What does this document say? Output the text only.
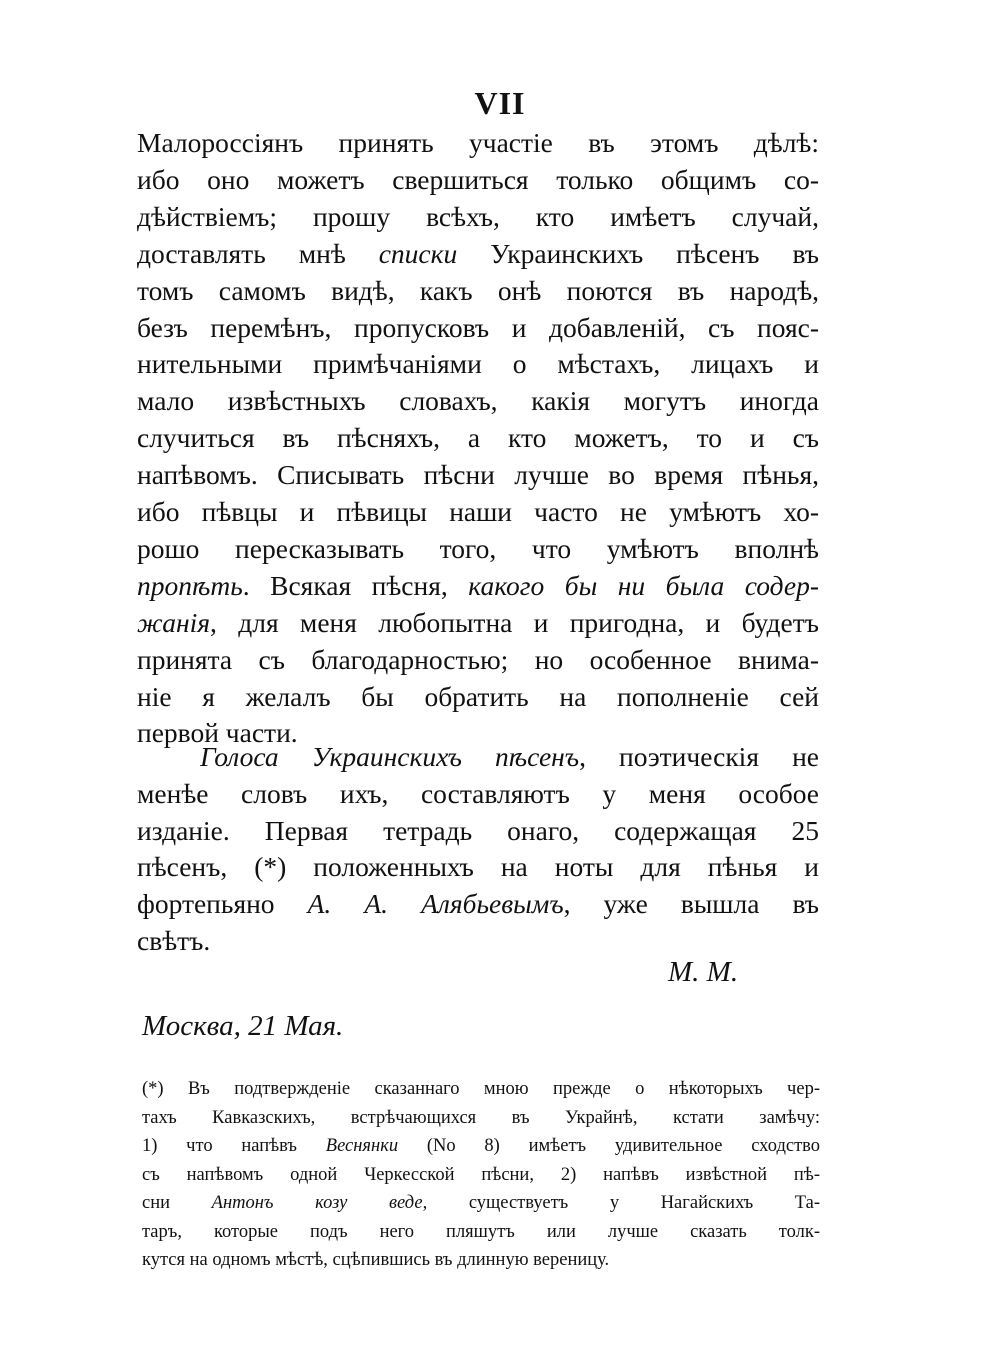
VII
Малороссіянъ принять участіе въ этомъ дѣлѣ:
ибо оно можетъ свершиться только общимъ со-
дѣйствіемъ; прошу всѣхъ, кто имѣетъ случай,
доставлять мнѣ списки Украинскихъ пѣсенъ въ
томъ самомъ видѣ, какъ онѣ поются въ народѣ,
безъ перемѣнъ, пропусковъ и добавленій, съ пояс-
нительными примѣчаніями о мѣстахъ, лицахъ и
мало извѣстныхъ словахъ, какія могутъ иногда
случиться въ пѣсняхъ, а кто можетъ, то и съ
напѣвомъ. Списывать пѣсни лучше во время пѣнья,
ибо пѣвцы и пѣвицы наши часто не умѣютъ хо-
рошо пересказывать того, что умѣютъ вполнѣ
пропѣть. Всякая пѣсня, какого бы ни была содер-
жанія, для меня любопытна и пригодна, и будетъ
принята съ благодарностью; но особенное внима-
ніе я желалъ бы обратить на пополненіе сей
первой части.
Голоса Украинскихъ пѣсенъ, поэтическія не
менѣе словъ ихъ, составляютъ у меня особое
изданіе. Первая тетрадь онаго, содержащая 25
пѣсенъ, (*) положенныхъ на ноты для пѣнья и
фортепьяно А. А. Алябьевымъ, уже вышла въ
свѣтъ.
М. М.
Москва, 21 Мая.
(*) Въ подтвержденіе сказаннаго мною прежде о нѣкоторыхъ чер-
тахъ Кавказскихъ, встрѣчающихся въ Украйнѣ, кстати замѣчу:
1) что напѣвъ Веснянки (No 8) имѣетъ удивительное сходство
съ напѣвомъ одной Черкесской пѣсни, 2) напѣвъ извѣстной пѣ-
сни Антонъ козу веде, существуетъ у Нагайскихъ Та-
таръ, которые подъ него пляшутъ или лучше сказать толк-
кутся на одномъ мѣстѣ, сцѣпившись въ длинную вереницу.
